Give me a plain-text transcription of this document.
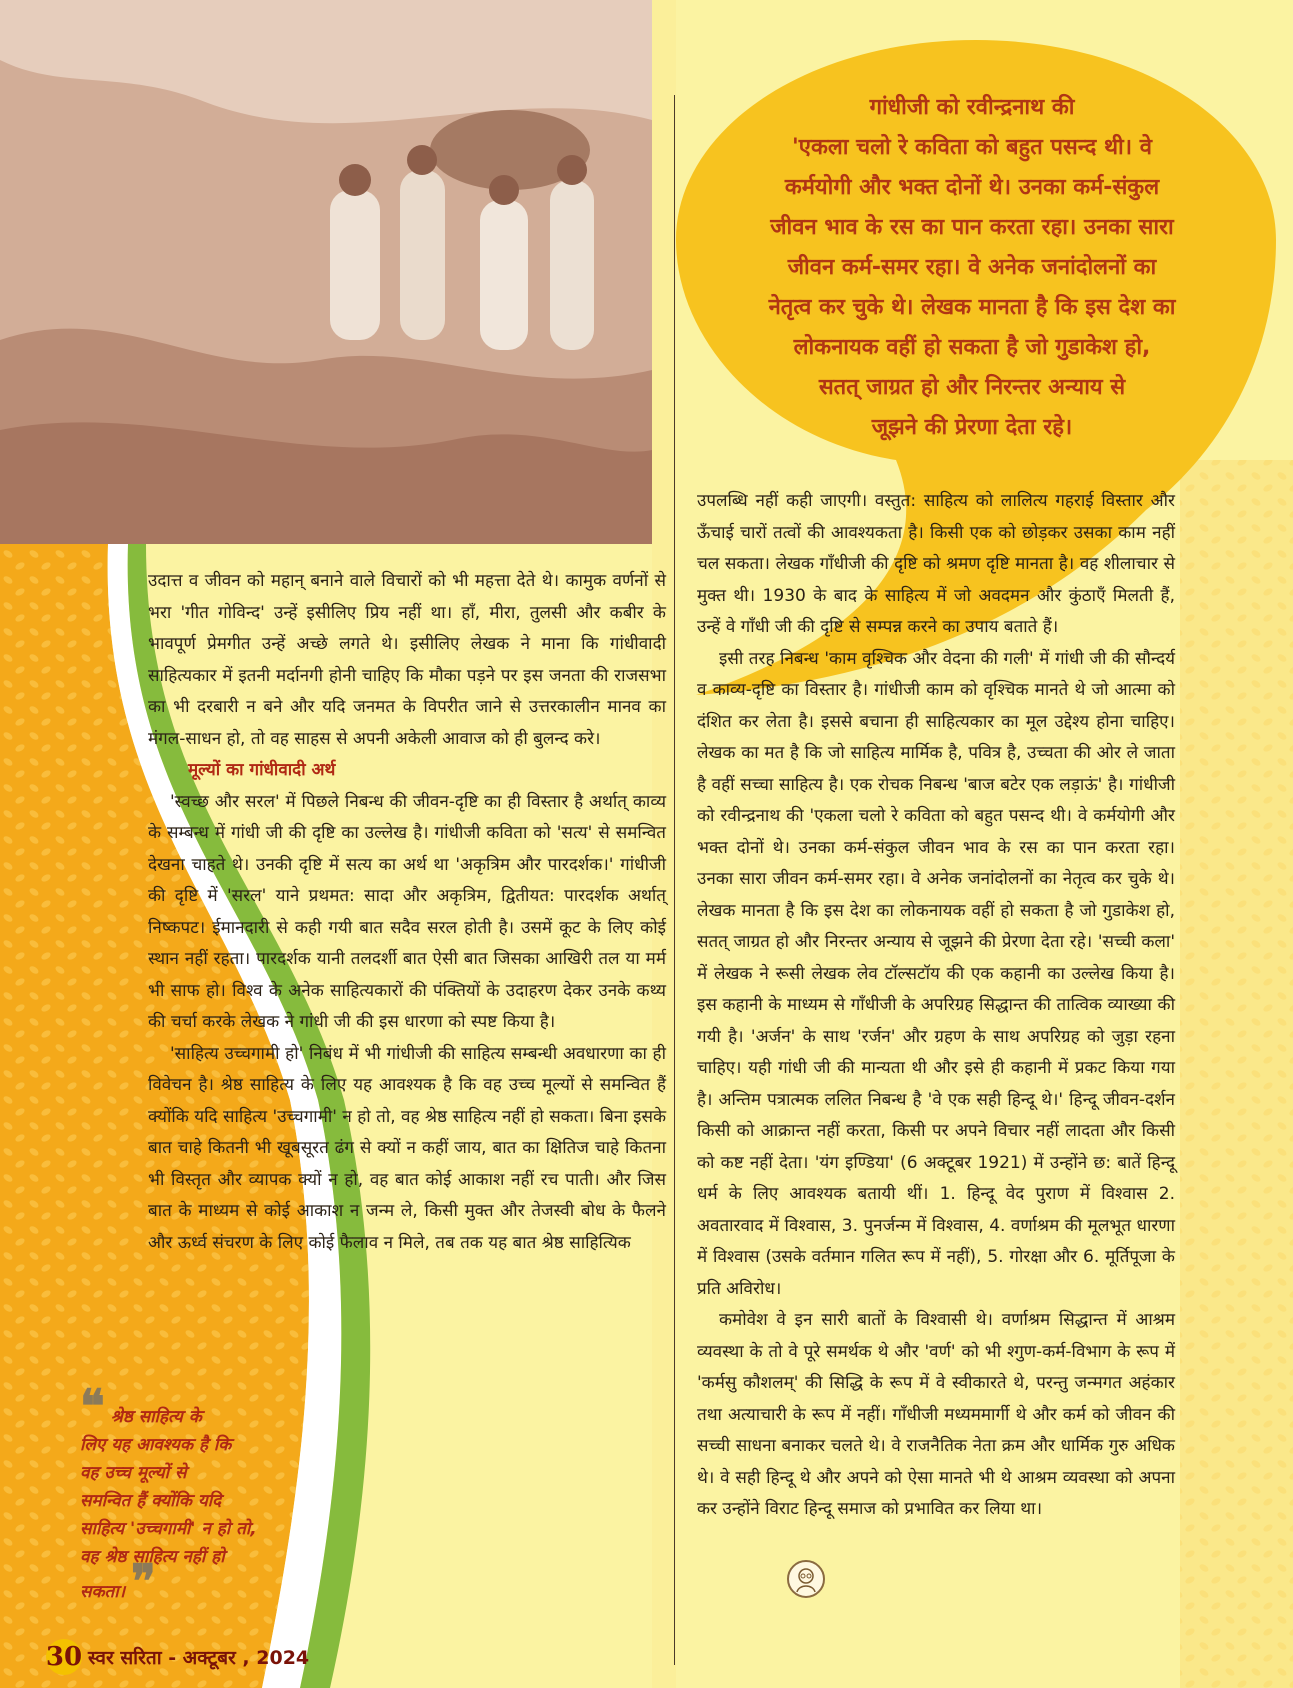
गांधीजी को रवीन्द्रनाथ की
'एकला चलो रे कविता को बहुत पसन्द थी। वे
कर्मयोगी और भक्त दोनों थे। उनका कर्म-संकुल
जीवन भाव के रस का पान करता रहा। उनका सारा
जीवन कर्म-समर रहा। वे अनेक जनांदोलनों का
नेतृत्व कर चुके थे। लेखक मानता है कि इस देश का
लोकनायक वहीं हो सकता है जो गुडाकेश हो,
सतत् जाग्रत हो और निरन्तर अन्याय से
जूझने की प्रेरणा देता रहे।

उदात्त व जीवन को महान् बनाने वाले विचारों को भी महत्ता देते थे। कामुक वर्णनों से भरा 'गीत गोविन्द' उन्हें इसीलिए प्रिय नहीं था। हाँ, मीरा, तुलसी और कबीर के भावपूर्ण प्रेमगीत उन्हें अच्छे लगते थे। इसीलिए लेखक ने माना कि गांधीवादी साहित्यकार में इतनी मर्दानगी होनी चाहिए कि मौका पड़ने पर इस जनता की राजसभा का भी दरबारी न बने और यदि जनमत के विपरीत जाने से उत्तरकालीन मानव का मंगल-साधन हो, तो वह साहस से अपनी अकेली आवाज को ही बुलन्द करे।

मूल्यों का गांधीवादी अर्थ

'स्वच्छ और सरल' में पिछले निबन्ध की जीवन-दृष्टि का ही विस्तार है अर्थात् काव्य के सम्बन्ध में गांधी जी की दृष्टि का उल्लेख है। गांधीजी कविता को 'सत्य' से समन्वित देखना चाहते थे। उनकी दृष्टि में सत्य का अर्थ था 'अकृत्रिम और पारदर्शक।' गांधीजी की दृष्टि में 'सरल' याने प्रथमत: सादा और अकृत्रिम, द्वितीयत: पारदर्शक अर्थात् निष्कपट। ईमानदारी से कही गयी बात सदैव सरल होती है। उसमें कूट के लिए कोई स्थान नहीं रहता। पारदर्शक यानी तलदर्शी बात ऐसी बात जिसका आखिरी तल या मर्म भी साफ हो। विश्व के अनेक साहित्यकारों की पंक्तियों के उदाहरण देकर उनके कथ्य की चर्चा करके लेखक ने गांधी जी की इस धारणा को स्पष्ट किया है।

'साहित्य उच्चगामी हो' निबंध में भी गांधीजी की साहित्य सम्बन्धी अवधारणा का ही विवेचन है। श्रेष्ठ साहित्य के लिए यह आवश्यक है कि वह उच्च मूल्यों से समन्वित हैं क्योंकि यदि साहित्य 'उच्चगामी' न हो तो, वह श्रेष्ठ साहित्य नहीं हो सकता। बिना इसके बात चाहे कितनी भी खूबसूरत ढंग से क्यों न कहीं जाय, बात का क्षितिज चाहे कितना भी विस्तृत और व्यापक क्यों न हो, वह बात कोई आकाश नहीं रच पाती। और जिस बात के माध्यम से कोई आकाश न जन्म ले, किसी मुक्त और तेजस्वी बोध के फैलने और ऊर्ध्व संचरण के लिए कोई फैलाव न मिले, तब तक यह बात श्रेष्ठ साहित्यिक

उपलब्धि नहीं कही जाएगी। वस्तुत: साहित्य को लालित्य गहराई विस्तार और ऊँचाई चारों तत्वों की आवश्यकता है। किसी एक को छोड़कर उसका काम नहीं चल सकता। लेखक गाँधीजी की दृष्टि को श्रमण दृष्टि मानता है। वह शीलाचार से मुक्त थी। 1930 के बाद के साहित्य में जो अवदमन और कुंठाएँ मिलती हैं, उन्हें वे गाँधी जी की दृष्टि से सम्पन्न करने का उपाय बताते हैं।

इसी तरह निबन्ध 'काम वृश्चिक और वेदना की गली' में गांधी जी की सौन्दर्य व काव्य-दृष्टि का विस्तार है। गांधीजी काम को वृश्चिक मानते थे जो आत्मा को दंशित कर लेता है। इससे बचाना ही साहित्यकार का मूल उद्देश्य होना चाहिए। लेखक का मत है कि जो साहित्य मार्मिक है, पवित्र है, उच्चता की ओर ले जाता है वहीं सच्चा साहित्य है। एक रोचक निबन्ध 'बाज बटेर एक लड़ाऊं' है। गांधीजी को रवीन्द्रनाथ की 'एकला चलो रे कविता को बहुत पसन्द थी। वे कर्मयोगी और भक्त दोनों थे। उनका कर्म-संकुल जीवन भाव के रस का पान करता रहा। उनका सारा जीवन कर्म-समर रहा। वे अनेक जनांदोलनों का नेतृत्व कर चुके थे। लेखक मानता है कि इस देश का लोकनायक वहीं हो सकता है जो गुडाकेश हो, सतत् जाग्रत हो और निरन्तर अन्याय से जूझने की प्रेरणा देता रहे। 'सच्ची कला' में लेखक ने रूसी लेखक लेव टॉल्सटॉय की एक कहानी का उल्लेख किया है। इस कहानी के माध्यम से गाँधीजी के अपरिग्रह सिद्धान्त की तात्विक व्याख्या की गयी है। 'अर्जन' के साथ 'रर्जन' और ग्रहण के साथ अपरिग्रह को जुड़ा रहना चाहिए। यही गांधी जी की मान्यता थी और इसे ही कहानी में प्रकट किया गया है। अन्तिम पत्रात्मक ललित निबन्ध है 'वे एक सही हिन्दू थे।' हिन्दू जीवन-दर्शन किसी को आक्रान्त नहीं करता, किसी पर अपने विचार नहीं लादता और किसी को कष्ट नहीं देता। 'यंग इण्डिया' (6 अक्टूबर 1921) में उन्होंने छ: बातें हिन्दू धर्म के लिए आवश्यक बतायी थीं। 1. हिन्दू वेद पुराण में विश्वास 2. अवतारवाद में विश्वास, 3. पुनर्जन्म में विश्वास, 4. वर्णाश्रम की मूलभूत धारणा में विश्वास (उसके वर्तमान गलित रूप में नहीं), 5. गोरक्षा और 6. मूर्तिपूजा के प्रति अविरोध।

कमोवेश वे इन सारी बातों के विश्वासी थे। वर्णाश्रम सिद्धान्त में आश्रम व्यवस्था के तो वे पूरे समर्थक थे और 'वर्ण' को भी श्गुण-कर्म-विभाग के रूप में 'कर्मसु कौशलम्' की सिद्धि के रूप में वे स्वीकारते थे, परन्तु जन्मगत अहंकार तथा अत्याचारी के रूप में नहीं। गाँधीजी मध्यममार्गी थे और कर्म को जीवन की सच्ची साधना बनाकर चलते थे। वे राजनैतिक नेता क्रम और धार्मिक गुरु अधिक थे। वे सही हिन्दू थे और अपने को ऐसा मानते भी थे आश्रम व्यवस्था को अपना कर उन्होंने विराट हिन्दू समाज को प्रभावित कर लिया था।

❝ श्रेष्ठ साहित्य के
लिए यह आवश्यक है कि
वह उच्च मूल्यों से
समन्वित हैं क्योंकि यदि
साहित्य 'उच्चगामी' न हो तो,
वह श्रेष्ठ साहित्य नहीं हो
सकता। ❞
30 स्वर सरिता - अक्टूबर , 2024
